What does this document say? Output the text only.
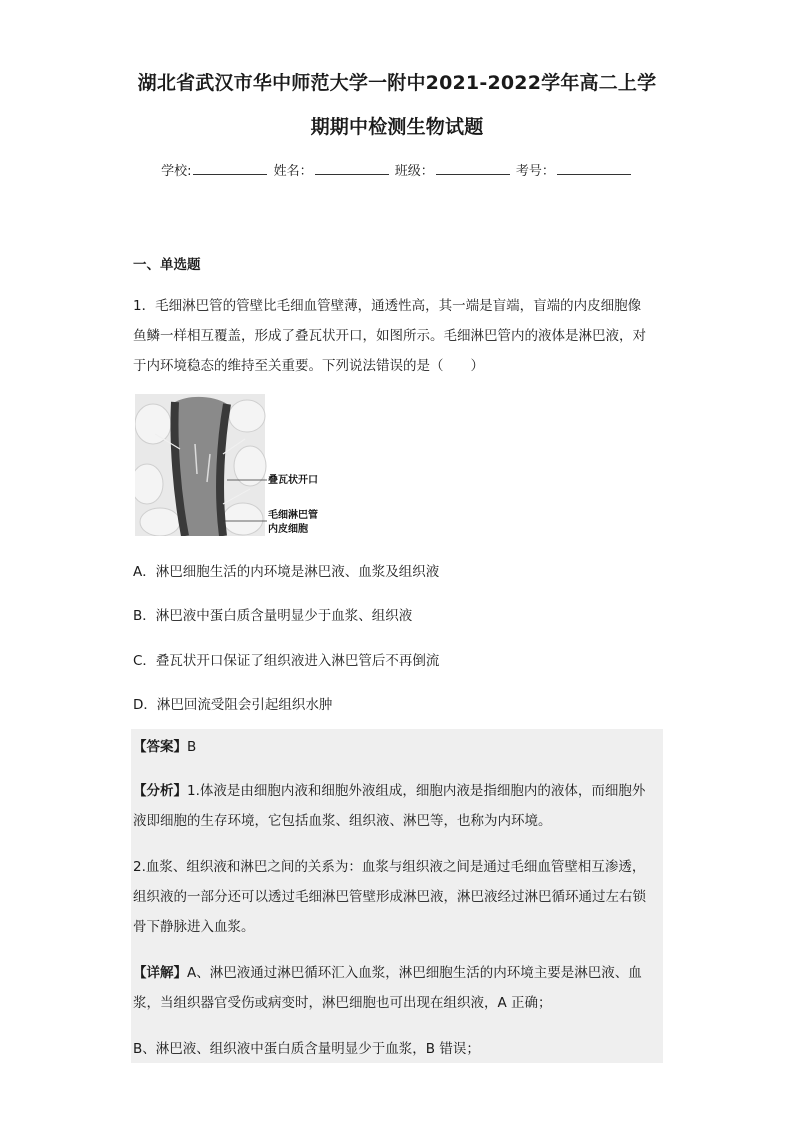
湖北省武汉市华中师范大学一附中2021-2022学年高二上学
期期中检测生物试题
学校:	姓名：	班级：	考号：
一、单选题
1．毛细淋巴管的管壁比毛细血管壁薄，通透性高，其一端是盲端，盲端的内皮细胞像
鱼鳞一样相互覆盖，形成了叠瓦状开口，如图所示。毛细淋巴管内的液体是淋巴液，对
于内环境稳态的维持至关重要。下列说法错误的是（　　）
叠瓦状开口
毛细淋巴管
内皮细胞
A．淋巴细胞生活的内环境是淋巴液、血浆及组织液
B．淋巴液中蛋白质含量明显少于血浆、组织液
C．叠瓦状开口保证了组织液进入淋巴管后不再倒流
D．淋巴回流受阻会引起组织水肿
【答案】B
【分析】1.体液是由细胞内液和细胞外液组成，细胞内液是指细胞内的液体，而细胞外
液即细胞的生存环境，它包括血浆、组织液、淋巴等，也称为内环境。
2.血浆、组织液和淋巴之间的关系为：血浆与组织液之间是通过毛细血管壁相互渗透，
组织液的一部分还可以透过毛细淋巴管壁形成淋巴液，淋巴液经过淋巴循环通过左右锁
骨下静脉进入血浆。
【详解】A、淋巴液通过淋巴循环汇入血浆，淋巴细胞生活的内环境主要是淋巴液、血
浆，当组织器官受伤或病变时，淋巴细胞也可出现在组织液，A 正确；
B、淋巴液、组织液中蛋白质含量明显少于血浆，B 错误；
